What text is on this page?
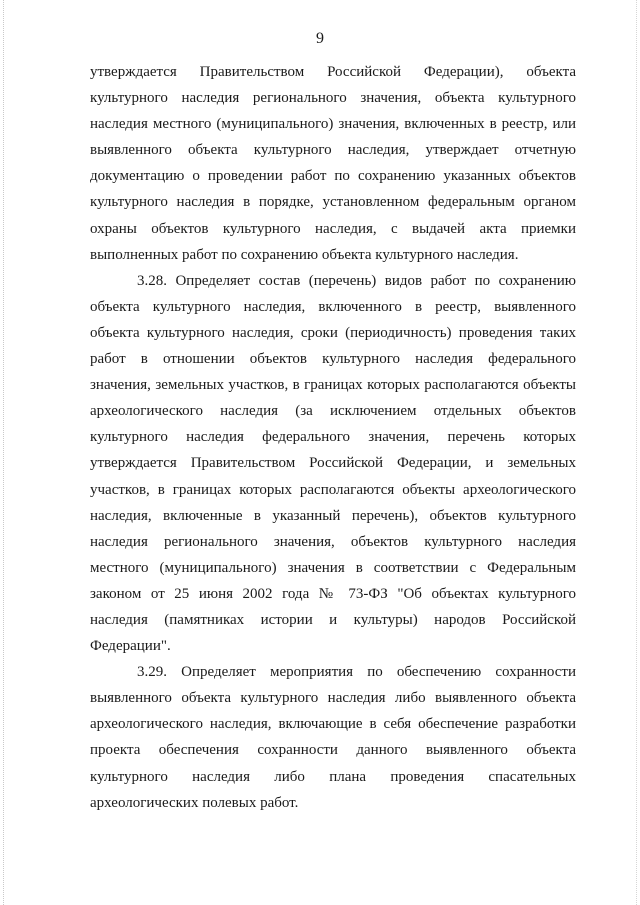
9
утверждается Правительством Российской Федерации), объекта
культурного наследия регионального значения, объекта культурного
наследия местного (муниципального) значения, включенных в реестр, или
выявленного объекта культурного наследия, утверждает отчетную
документацию о проведении работ по сохранению указанных объектов
культурного наследия в порядке, установленном федеральным органом
охраны объектов культурного наследия, с выдачей акта приемки
выполненных работ по сохранению объекта культурного наследия.
3.28. Определяет состав (перечень) видов работ по сохранению
объекта культурного наследия, включенного в реестр, выявленного
объекта культурного наследия, сроки (периодичность) проведения таких
работ в отношении объектов культурного наследия федерального
значения, земельных участков, в границах которых располагаются объекты
археологического наследия (за исключением отдельных объектов
культурного наследия федерального значения, перечень которых
утверждается Правительством Российской Федерации, и земельных
участков, в границах которых располагаются объекты археологического
наследия, включенные в указанный перечень), объектов культурного
наследия регионального значения, объектов культурного наследия
местного (муниципального) значения в соответствии с Федеральным
законом от 25 июня 2002 года № 73-ФЗ "Об объектах культурного
наследия (памятниках истории и культуры) народов Российской
Федерации".
3.29. Определяет мероприятия по обеспечению сохранности
выявленного объекта культурного наследия либо выявленного объекта
археологического наследия, включающие в себя обеспечение разработки
проекта обеспечения сохранности данного выявленного объекта
культурного наследия либо плана проведения спасательных
археологических полевых работ.
